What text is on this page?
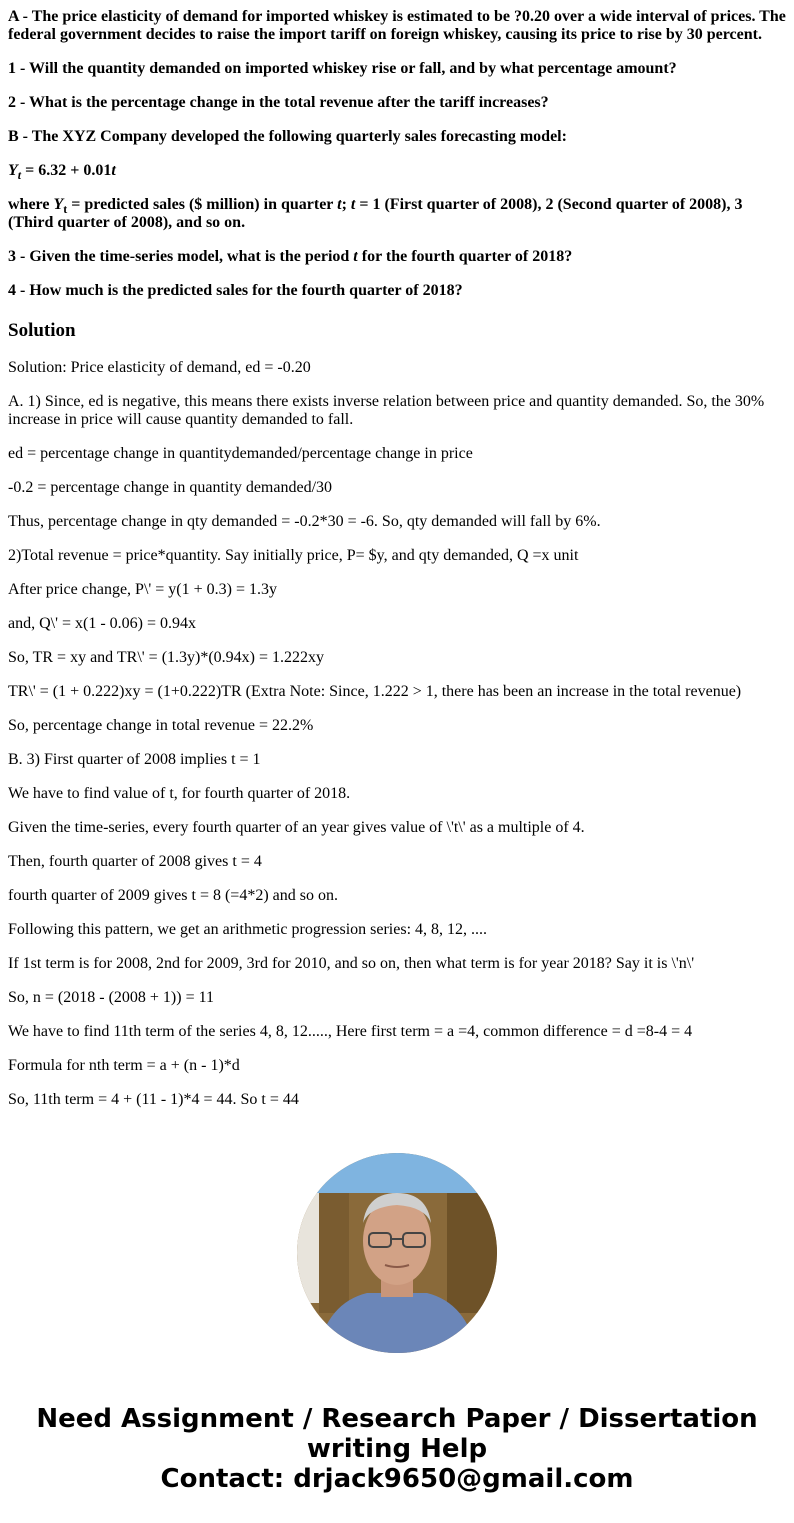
A - The price elasticity of demand for imported whiskey is estimated to be ?0.20 over a wide interval of prices. The federal government decides to raise the import tariff on foreign whiskey, causing its price to rise by 30 percent.

1 - Will the quantity demanded on imported whiskey rise or fall, and by what percentage amount?

2 - What is the percentage change in the total revenue after the tariff increases?

B - The XYZ Company developed the following quarterly sales forecasting model:

$Y_t = 6.32 + 0.01t$

where $Y_t$ = predicted sales ($ million) in quarter t; t = 1 (First quarter of 2008), 2 (Second quarter of 2008), 3 (Third quarter of 2008), and so on.

3 - Given the time-series model, what is the period t for the fourth quarter of 2018?

4 - How much is the predicted sales for the fourth quarter of 2018?

Solution

Solution: Price elasticity of demand, ed = -0.20

A. 1) Since, ed is negative, this means there exists inverse relation between price and quantity demanded. So, the 30% increase in price will cause quantity demanded to fall.

ed = percentage change in quantitydemanded/percentage change in price

-0.2 = percentage change in quantity demanded/30

Thus, percentage change in qty demanded = -0.2*30 = -6. So, qty demanded will fall by 6%.

2)Total revenue = price*quantity. Say initially price, P= $y, and qty demanded, Q =x unit

After price change, P\' = y(1 + 0.3) = 1.3y

and, Q\' = x(1 - 0.06) = 0.94x

So, TR = xy and TR\' = (1.3y)*(0.94x) = 1.222xy

TR\' = (1 + 0.222)xy = (1+0.222)TR (Extra Note: Since, 1.222 > 1, there has been an increase in the total revenue)

So, percentage change in total revenue = 22.2%

B. 3) First quarter of 2008 implies t = 1

We have to find value of t, for fourth quarter of 2018.

Given the time-series, every fourth quarter of an year gives value of \'t\' as a multiple of 4.

Then, fourth quarter of 2008 gives t = 4

fourth quarter of 2009 gives t = 8 (=4*2) and so on.

Following this pattern, we get an arithmetic progression series: 4, 8, 12, ....

If 1st term is for 2008, 2nd for 2009, 3rd for 2010, and so on, then what term is for year 2018? Say it is \'n\'

So, n = (2018 - (2008 + 1)) = 11

We have to find 11th term of the series 4, 8, 12....., Here first term = a =4, common difference = d =8-4 = 4

Formula for nth term = a + (n - 1)*d

So, 11th term = 4 + (11 - 1)*4 = 44. So t = 44

Need Assignment / Research Paper / Dissertation
writing Help
Contact: drjack9650@gmail.com
